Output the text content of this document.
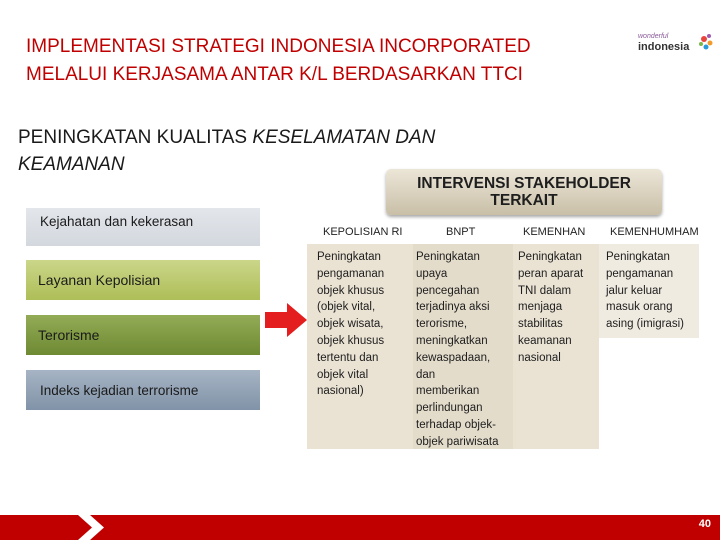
IMPLEMENTASI STRATEGI INDONESIA INCORPORATED
MELALUI KERJASAMA ANTAR K/L BERDASARKAN TTCI
wonderful
indonesia
PENINGKATAN KUALITAS KESELAMATAN DAN
KEAMANAN
Kejahatan dan kekerasan
Layanan Kepolisian
Terorisme
Indeks kejadian terrorisme
INTERVENSI STAKEHOLDER
TERKAIT
KEPOLISIAN RI	BNPT	KEMENHAN KEMENHUMHAM
Peningkatan
pengamanan
objek khusus
(objek vital,
objek wisata,
objek khusus
tertentu dan
objek vital
nasional)
Peningkatan
upaya
pencegahan
terjadinya aksi
terorisme,
meningkatkan
kewaspadaan,
dan
memberikan
perlindungan
terhadap objek-
objek pariwisata
Peningkatan
peran aparat
TNI dalam
menjaga
stabilitas
keamanan
nasional
Peningkatan
pengamanan
jalur keluar
masuk orang
asing (imigrasi)
40
